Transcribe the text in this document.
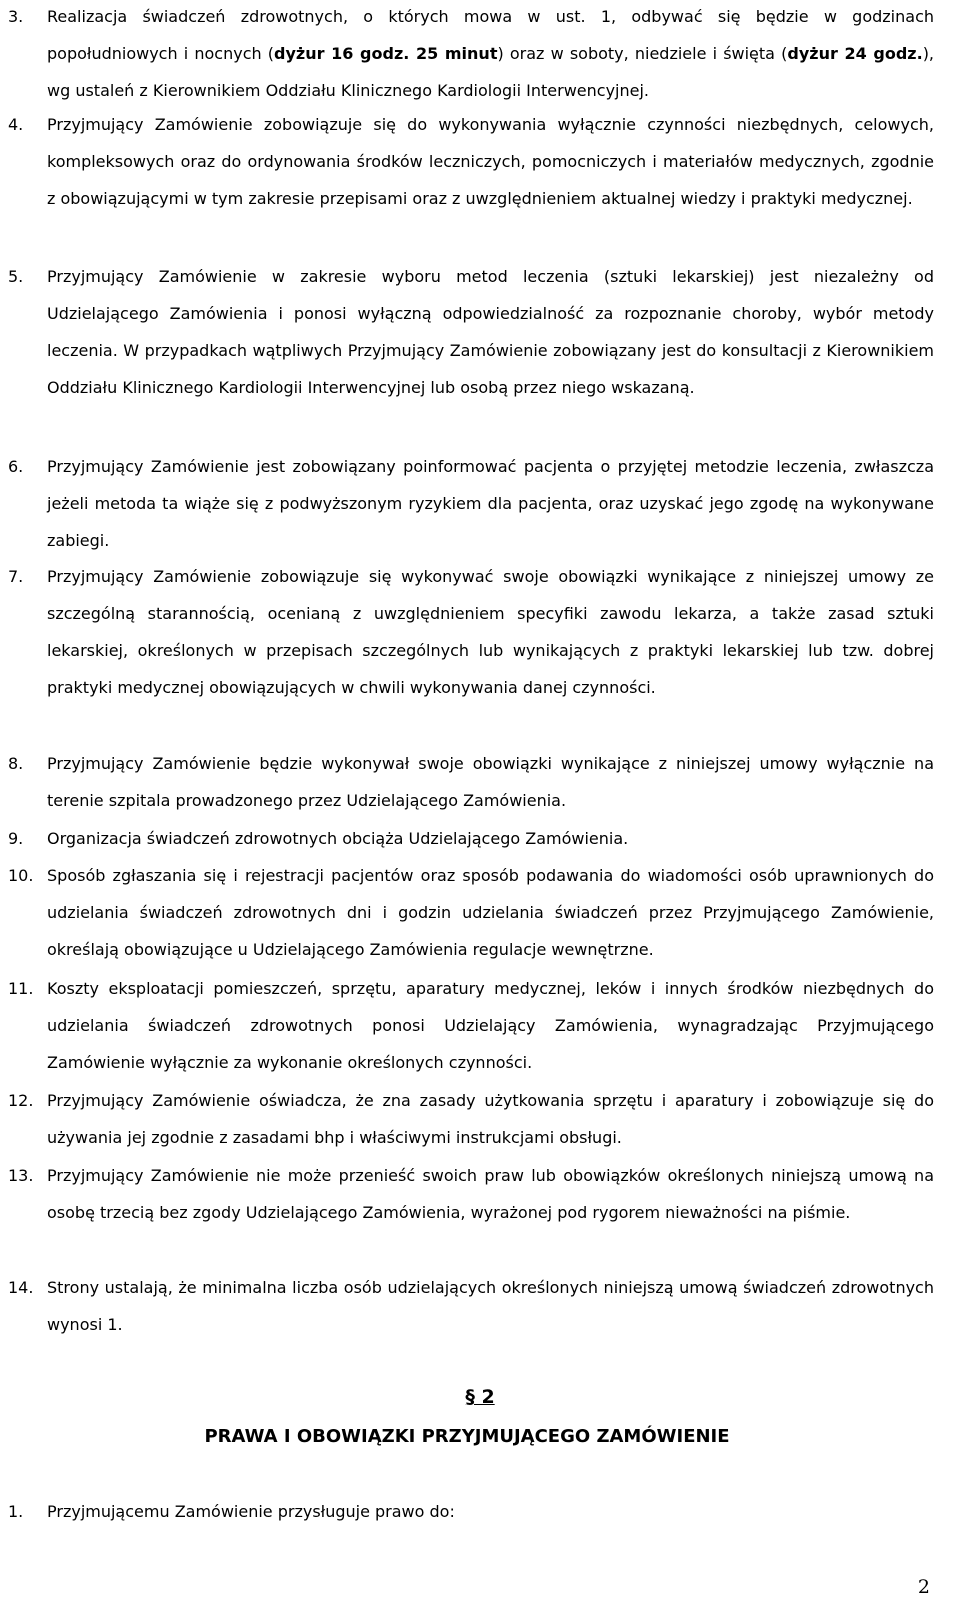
3.	Realizacja świadczeń zdrowotnych, o których mowa w ust. 1, odbywać się będzie w godzinach popołudniowych i nocnych (dyżur 16 godz. 25 minut) oraz w soboty, niedziele i święta (dyżur 24 godz.), wg ustaleń z Kierownikiem Oddziału Klinicznego Kardiologii Interwencyjnej.
4.	Przyjmujący Zamówienie zobowiązuje się do wykonywania wyłącznie czynności niezbędnych, celowych, kompleksowych oraz do ordynowania środków leczniczych, pomocniczych i materiałów medycznych, zgodnie z obowiązującymi w tym zakresie przepisami oraz z uwzględnieniem aktualnej wiedzy i praktyki medycznej.
5.	Przyjmujący Zamówienie w zakresie wyboru metod leczenia (sztuki lekarskiej) jest niezależny od Udzielającego Zamówienia i ponosi wyłączną odpowiedzialność za rozpoznanie choroby, wybór metody leczenia. W przypadkach wątpliwych Przyjmujący Zamówienie zobowiązany jest do konsultacji z Kierownikiem Oddziału Klinicznego Kardiologii Interwencyjnej lub osobą przez niego wskazaną.
6.	Przyjmujący Zamówienie jest zobowiązany poinformować pacjenta o przyjętej metodzie leczenia, zwłaszcza jeżeli metoda ta wiąże się z podwyższonym ryzykiem dla pacjenta, oraz uzyskać jego zgodę na wykonywane zabiegi.
7.	Przyjmujący Zamówienie zobowiązuje się wykonywać swoje obowiązki wynikające z niniejszej umowy ze szczególną starannością, ocenianą z uwzględnieniem specyfiki zawodu lekarza, a także zasad sztuki lekarskiej, określonych w przepisach szczególnych lub wynikających z praktyki lekarskiej lub tzw. dobrej praktyki medycznej obowiązujących w chwili wykonywania danej czynności.
8.	Przyjmujący Zamówienie będzie wykonywał swoje obowiązki wynikające z niniejszej umowy wyłącznie na terenie szpitala prowadzonego przez Udzielającego Zamówienia.
9.	Organizacja świadczeń zdrowotnych obciąża Udzielającego Zamówienia.
10. Sposób zgłaszania się i rejestracji pacjentów oraz sposób podawania do wiadomości osób uprawnionych do udzielania świadczeń zdrowotnych dni i godzin udzielania świadczeń przez Przyjmującego Zamówienie, określają obowiązujące u Udzielającego Zamówienia regulacje wewnętrzne.
11. Koszty eksploatacji pomieszczeń, sprzętu, aparatury medycznej, leków i innych środków niezbędnych do udzielania świadczeń zdrowotnych ponosi Udzielający Zamówienia, wynagradzając Przyjmującego Zamówienie wyłącznie za wykonanie określonych czynności.
12. Przyjmujący Zamówienie oświadcza, że zna zasady użytkowania sprzętu i aparatury i zobowiązuje się do używania jej zgodnie z zasadami bhp i właściwymi instrukcjami obsługi.
13. Przyjmujący Zamówienie nie może przenieść swoich praw lub obowiązków określonych niniejszą umową na osobę trzecią bez zgody Udzielającego Zamówienia, wyrażonej pod rygorem nieważności na piśmie.
14. Strony ustalają, że minimalna liczba osób udzielających określonych niniejszą umową świadczeń zdrowotnych wynosi 1.
§ 2
PRAWA I OBOWIĄZKI PRZYJMUJĄCEGO ZAMÓWIENIE
1. Przyjmującemu Zamówienie przysługuje prawo do:
2
